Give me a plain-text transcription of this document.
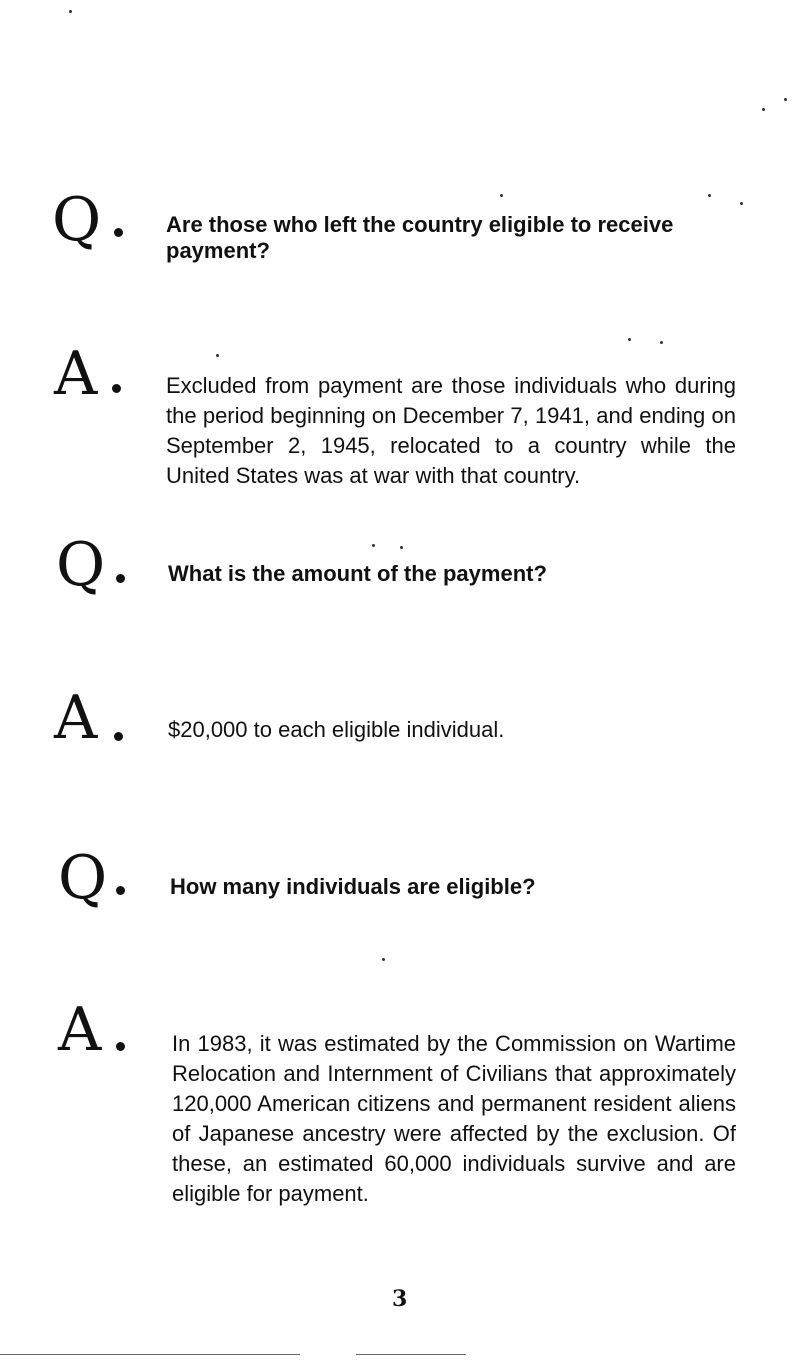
Q	Are those who left the country eligible to receive payment?
A	Excluded from payment are those individuals who during the period beginning on December 7, 1941, and ending on September 2, 1945, relocated to a country while the United States was at war with that country.
Q	What is the amount of the payment?
A	$20,000 to each eligible individual.
Q	How many individuals are eligible?
A	In 1983, it was estimated by the Commission on Wartime Relocation and Internment of Civilians that approximately 120,000 American citizens and permanent resident aliens of Japanese ancestry were affected by the exclusion. Of these, an estimated 60,000 individuals survive and are eligible for payment.
3
